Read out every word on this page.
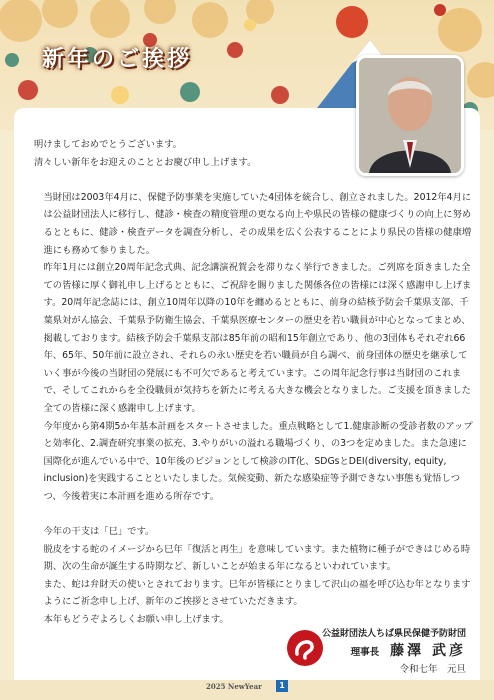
新年のご挨拶

明けましておめでとうございます。

清々しい新年をお迎えのこととお慶び申し上げます。

当財団は2003年4月に、保健予防事業を実施していた4団体を統合し、創立されました。2012年4月には公益財団法人に移行し、健診・検査の精度管理の更なる向上や県民の皆様の健康づくりの向上に努めるとともに、健診・検査データを調査分析し、その成果を広く公表することにより県民の皆様の健康増進にも務めて参りました。

昨年1月には創立20周年記念式典、記念講演祝賀会を滞りなく挙行できました。ご列席を頂きました全ての皆様に厚く御礼申し上げるとともに、ご祝辞を賜りました関係各位の皆様には深く感謝申し上げます。20周年記念誌には、創立10周年以降の10年を纏めるとともに、前身の結核予防会千葉県支部、千葉県対がん協会、千葉県予防衛生協会、千葉県医療センターの歴史を若い職員が中心となってまとめ、掲載しております。結核予防会千葉県支部は85年前の昭和15年創立であり、他の3団体もそれぞれ66年、65年、50年前に設立され、それらの永い歴史を若い職員が自ら調べ、前身団体の歴史を継承していく事が今後の当財団の発展にも不可欠であると考えています。この周年記念行事は当財団のこれまで、そしてこれからを全役職員が気持ちを新たに考える大きな機会となりました。ご支援を頂きました全ての皆様に深く感謝申し上げます。

今年度から第4期5か年基本計画をスタートさせました。重点戦略として1.健康診断の受診者数のアップと効率化、2.調査研究事業の拡充、3.やりがいの溢れる職場づくり、の3つを定めました。また急速に国際化が進んでいる中で、10年後のビジョンとして検診のIT化、SDGsとDEI(diversity, equity, inclusion)を実践することといたしました。気候変動、新たな感染症等予測できない事態も覚悟しつつ、今後着実に本計画を進める所存です。

今年の干支は「巳」です。

脱皮をする蛇のイメージから巳年「復活と再生」を意味しています。また植物に種子ができはじめる時期、次の生命が誕生する時期など、新しいことが始まる年になるといわれています。

また、蛇は弁財天の使いとされております。巳年が皆様にとりまして沢山の福を呼び込む年となりますようにご祈念申し上げ、新年のご挨拶とさせていただきます。

本年もどうぞよろしくお願い申し上げます。

公益財団法人ちば県民保健予防財団
理事長 藤澤 武彦
令和七年　元旦
2025 NewYear	1
